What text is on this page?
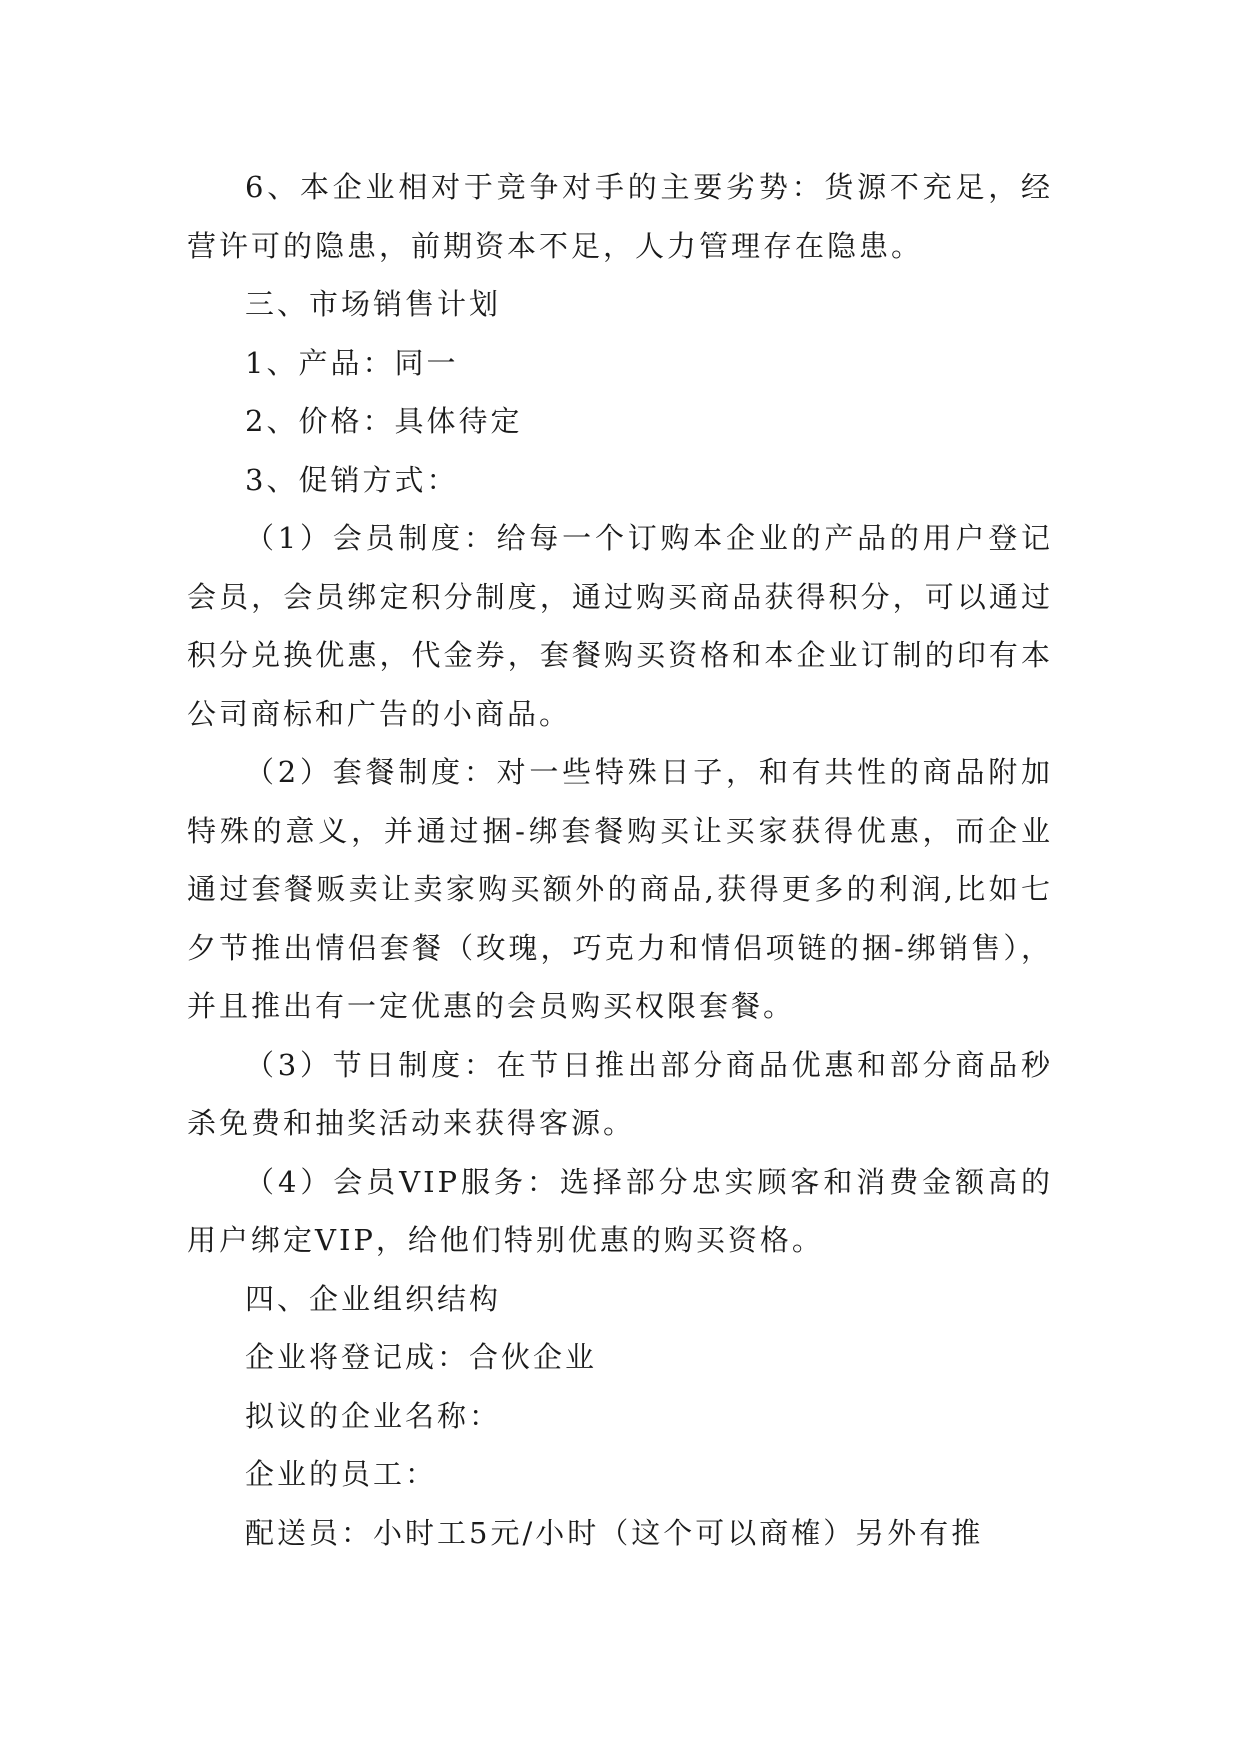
6、本企业相对于竞争对手的主要劣势：货源不充足，经营许可的隐患，前期资本不足，人力管理存在隐患。

三、市场销售计划

1、产品：同一

2、价格：具体待定

3、促销方式：

（1）会员制度：给每一个订购本企业的产品的用户登记会员，会员绑定积分制度，通过购买商品获得积分，可以通过积分兑换优惠，代金券，套餐购买资格和本企业订制的印有本公司商标和广告的小商品。

（2）套餐制度：对一些特殊日子，和有共性的商品附加特殊的意义，并通过捆-绑套餐购买让买家获得优惠，而企业通过套餐贩卖让卖家购买额外的商品,获得更多的利润,比如七夕节推出情侣套餐（玫瑰，巧克力和情侣项链的捆-绑销售），并且推出有一定优惠的会员购买权限套餐。

（3）节日制度：在节日推出部分商品优惠和部分商品秒杀免费和抽奖活动来获得客源。

（4）会员VIP服务：选择部分忠实顾客和消费金额高的用户绑定VIP，给他们特别优惠的购买资格。

四、企业组织结构

企业将登记成：合伙企业

拟议的企业名称：

企业的员工：

配送员：小时工5元/小时（这个可以商榷）另外有推
